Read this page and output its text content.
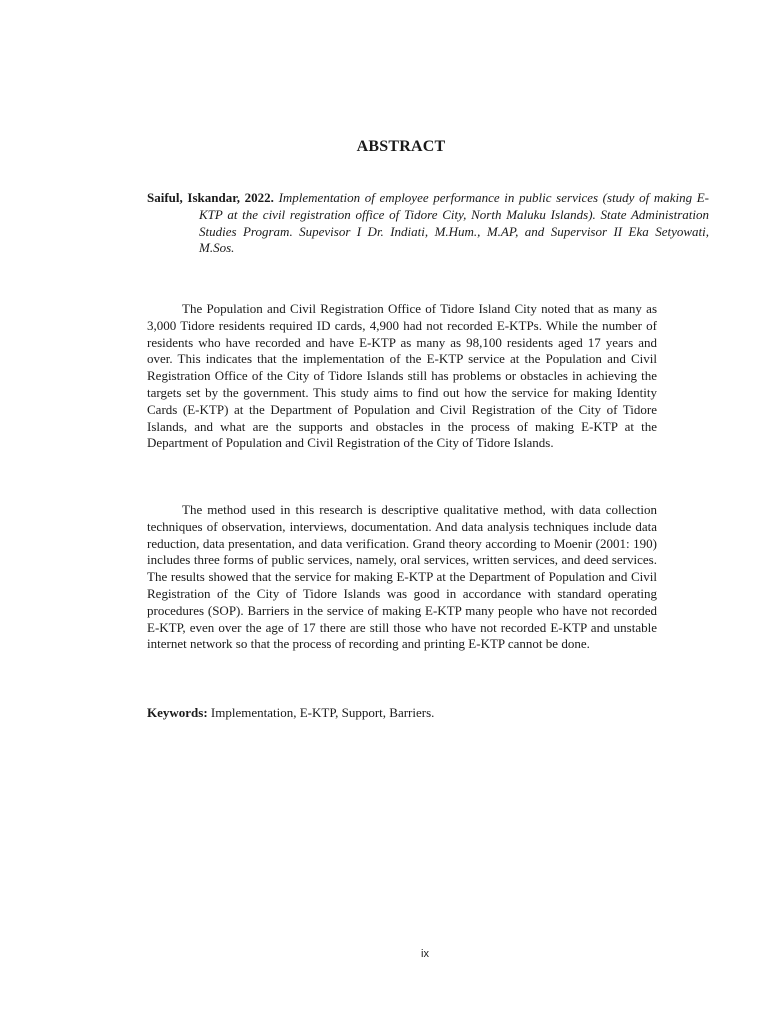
ABSTRACT
Saiful, Iskandar, 2022. Implementation of employee performance in public services (study of making E-KTP at the civil registration office of Tidore City, North Maluku Islands). State Administration Studies Program. Supevisor I Dr. Indiati, M.Hum., M.AP, and Supervisor II Eka Setyowati, M.Sos.

The Population and Civil Registration Office of Tidore Island City noted that as many as 3,000 Tidore residents required ID cards, 4,900 had not recorded E-KTPs. While the number of residents who have recorded and have E-KTP as many as 98,100 residents aged 17 years and over. This indicates that the implementation of the E-KTP service at the Population and Civil Registration Office of the City of Tidore Islands still has problems or obstacles in achieving the targets set by the government. This study aims to find out how the service for making Identity Cards (E-KTP) at the Department of Population and Civil Registration of the City of Tidore Islands, and what are the supports and obstacles in the process of making E-KTP at the Department of Population and Civil Registration of the City of Tidore Islands.

The method used in this research is descriptive qualitative method, with data collection techniques of observation, interviews, documentation. And data analysis techniques include data reduction, data presentation, and data verification. Grand theory according to Moenir (2001: 190) includes three forms of public services, namely, oral services, written services, and deed services. The results showed that the service for making E-KTP at the Department of Population and Civil Registration of the City of Tidore Islands was good in accordance with standard operating procedures (SOP). Barriers in the service of making E-KTP many people who have not recorded E-KTP, even over the age of 17 there are still those who have not recorded E-KTP and unstable internet network so that the process of recording and printing E-KTP cannot be done.

Keywords: Implementation, E-KTP, Support, Barriers.
ix
